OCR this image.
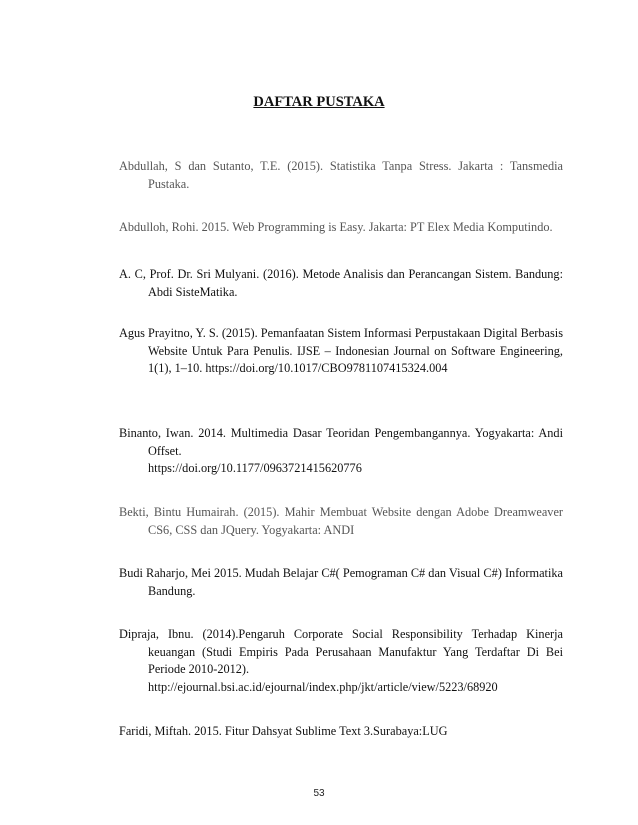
DAFTAR PUSTAKA
Abdullah, S dan Sutanto, T.E. (2015). Statistika Tanpa Stress. Jakarta : Tansmedia Pustaka.
Abdulloh, Rohi. 2015. Web Programming is Easy. Jakarta: PT Elex Media Komputindo.
A. C, Prof. Dr. Sri Mulyani. (2016). Metode Analisis dan Perancangan Sistem. Bandung: Abdi SisteMatika.
Agus Prayitno, Y. S. (2015). Pemanfaatan Sistem Informasi Perpustakaan Digital Berbasis Website Untuk Para Penulis. IJSE – Indonesian Journal on Software Engineering, 1(1), 1–10. https://doi.org/10.1017/CBO9781107415324.004
Binanto, Iwan. 2014. Multimedia Dasar Teoridan Pengembangannya. Yogyakarta: Andi Offset.
https://doi.org/10.1177/0963721415620776
Bekti, Bintu Humairah. (2015). Mahir Membuat Website dengan Adobe Dreamweaver CS6, CSS dan JQuery. Yogyakarta: ANDI
Budi Raharjo, Mei 2015. Mudah Belajar C#( Pemograman C# dan Visual C#) Informatika Bandung.
Dipraja, Ibnu. (2014).Pengaruh Corporate Social Responsibility Terhadap Kinerja keuangan (Studi Empiris Pada Perusahaan Manufaktur Yang Terdaftar Di Bei Periode 2010-2012).
http://ejournal.bsi.ac.id/ejournal/index.php/jkt/article/view/5223/68920
Faridi, Miftah. 2015. Fitur Dahsyat Sublime Text 3.Surabaya:LUG
53
